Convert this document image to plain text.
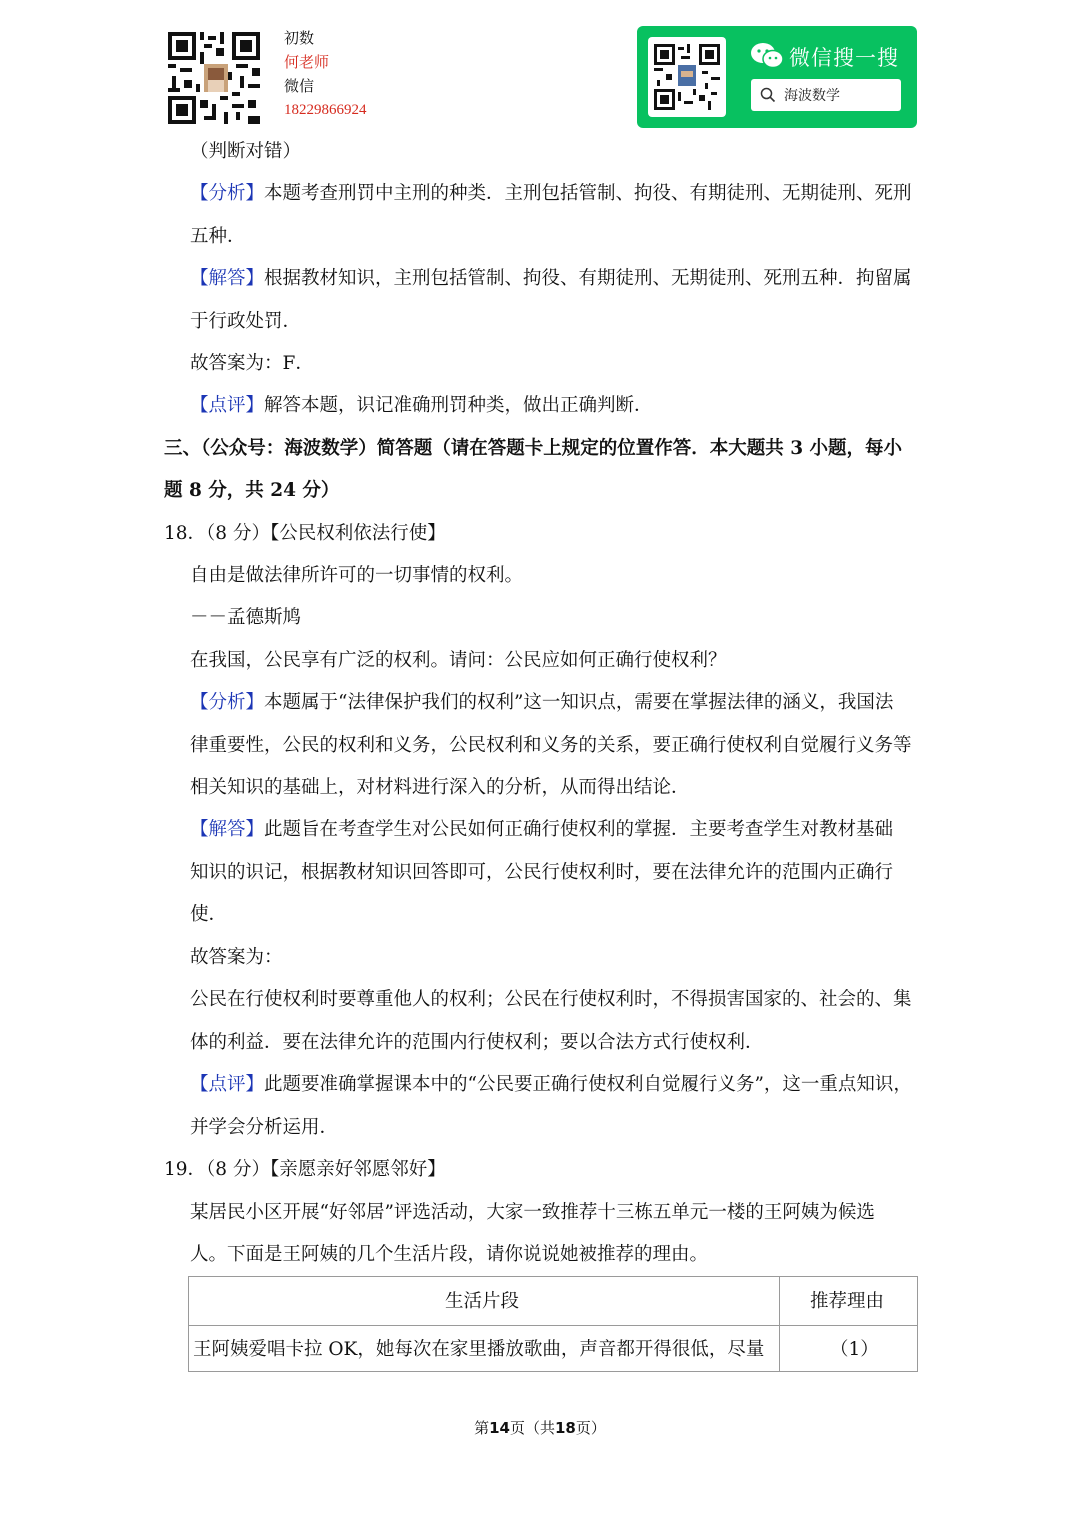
初数
何老师
微信
18229866924
微信搜一搜
海波数学
（判断对错）
【分析】本题考查刑罚中主刑的种类．主刑包括管制、拘役、有期徒刑、无期徒刑、死刑
五种．
【解答】根据教材知识，主刑包括管制、拘役、有期徒刑、无期徒刑、死刑五种．拘留属
于行政处罚．
故答案为：F．
【点评】解答本题，识记准确刑罚种类，做出正确判断．
三、（公众号：海波数学）简答题（请在答题卡上规定的位置作答．本大题共 3 小题，每小
题 8 分，共 24 分）
18．（8 分）【公民权利依法行使】
自由是做法律所许可的一切事情的权利。
－－孟德斯鸠
在我国，公民享有广泛的权利。请问：公民应如何正确行使权利？
【分析】本题属于“法律保护我们的权利”这一知识点，需要在掌握法律的涵义，我国法
律重要性，公民的权利和义务，公民权利和义务的关系，要正确行使权利自觉履行义务等
相关知识的基础上，对材料进行深入的分析，从而得出结论．
【解答】此题旨在考查学生对公民如何正确行使权利的掌握．主要考查学生对教材基础
知识的识记，根据教材知识回答即可，公民行使权利时，要在法律允许的范围内正确行
使．
故答案为：
公民在行使权利时要尊重他人的权利；公民在行使权利时，不得损害国家的、社会的、集
体的利益．要在法律允许的范围内行使权利；要以合法方式行使权利．
【点评】此题要准确掌握课本中的“公民要正确行使权利自觉履行义务”，这一重点知识，
并学会分析运用．
19．（8 分）【亲愿亲好邻愿邻好】
某居民小区开展“好邻居”评选活动，大家一致推荐十三栋五单元一楼的王阿姨为候选
人。下面是王阿姨的几个生活片段，请你说说她被推荐的理由。
生活片段	推荐理由
王阿姨爱唱卡拉 OK，她每次在家里播放歌曲，声音都开得很低，尽量	（1）
第14页（共18页）
